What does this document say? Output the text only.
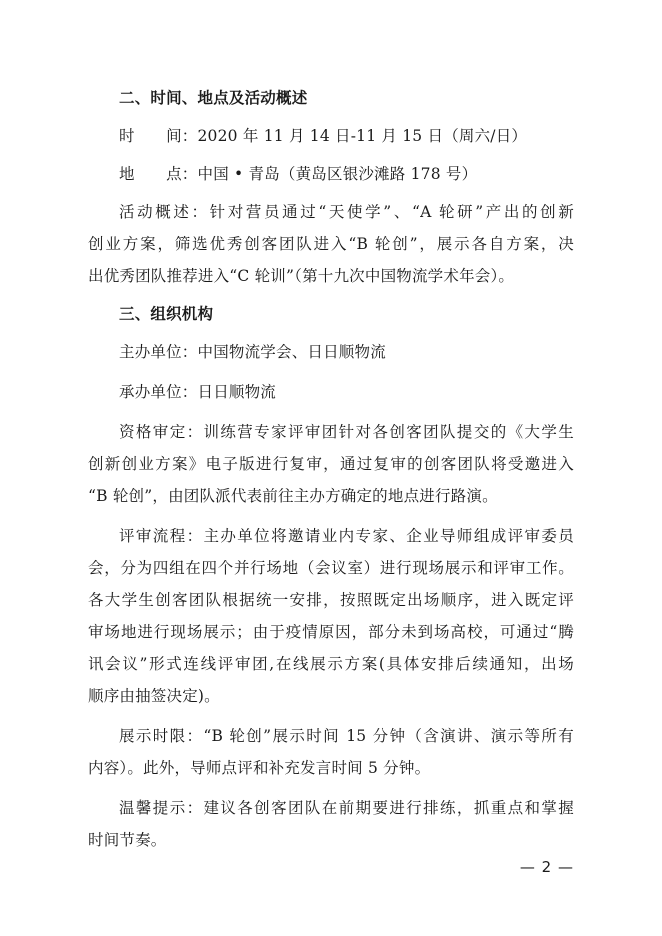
二、时间、地点及活动概述
时　　间：2020 年 11 月 14 日-11 月 15 日（周六/日）
地　　点：中国 • 青岛（黄岛区银沙滩路 178 号）
活动概述：针对营员通过“天使学”、“A 轮研”产出的创新
创业方案，筛选优秀创客团队进入“B 轮创”，展示各自方案，决
出优秀团队推荐进入“C 轮训”（第十九次中国物流学术年会）。
三、组织机构
主办单位：中国物流学会、日日顺物流
承办单位：日日顺物流
资格审定：训练营专家评审团针对各创客团队提交的《大学生
创新创业方案》电子版进行复审，通过复审的创客团队将受邀进入
“B 轮创”，由团队派代表前往主办方确定的地点进行路演。
评审流程：主办单位将邀请业内专家、企业导师组成评审委员
会，分为四组在四个并行场地（会议室）进行现场展示和评审工作。
各大学生创客团队根据统一安排，按照既定出场顺序，进入既定评
审场地进行现场展示；由于疫情原因，部分未到场高校，可通过“腾
讯会议”形式连线评审团,在线展示方案(具体安排后续通知，出场
顺序由抽签决定)。
展示时限：“B 轮创”展示时间 15 分钟（含演讲、演示等所有
内容）。此外，导师点评和补充发言时间 5 分钟。
温馨提示：建议各创客团队在前期要进行排练，抓重点和掌握
时间节奏。
— 2 —
